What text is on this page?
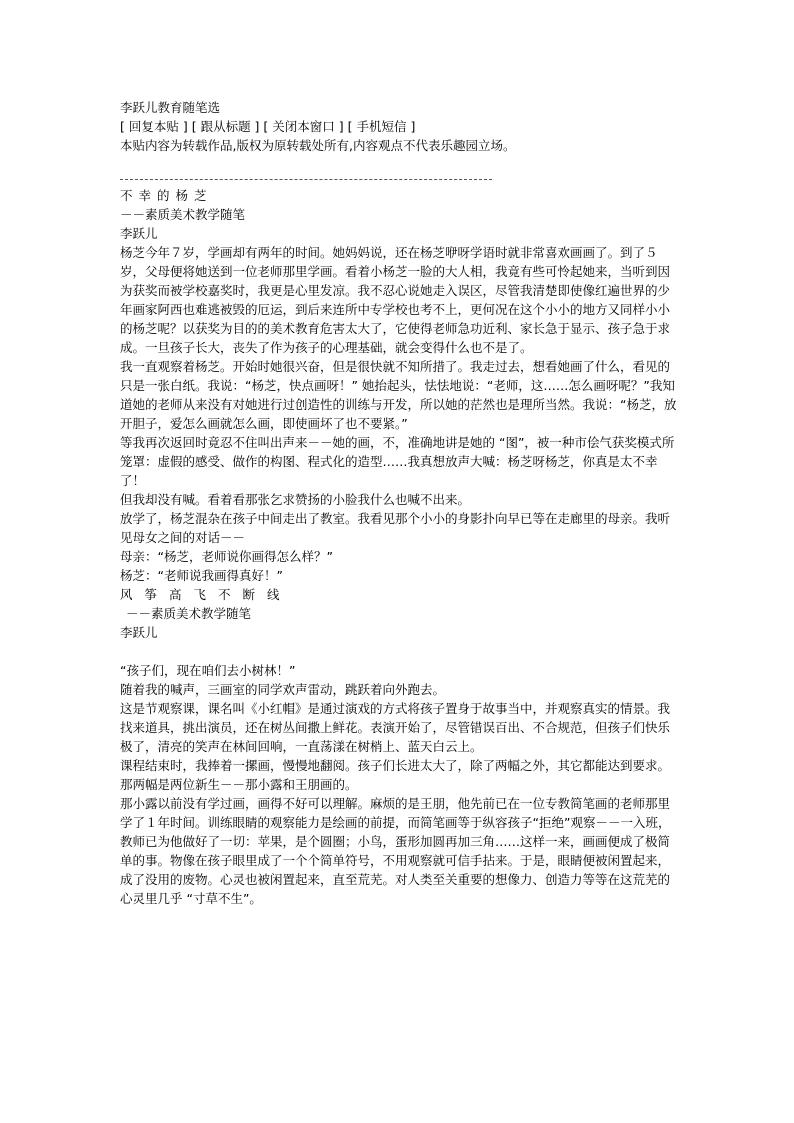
李跃儿教育随笔选

[ 回复本贴 ] [ 跟从标题 ] [ 关闭本窗口 ] [ 手机短信 ]

本贴内容为转载作品,版权为原转载处所有,内容观点不代表乐趣园立场。

不幸的杨芝

－－素质美术教学随笔

李跃儿

杨芝今年７岁，学画却有两年的时间。她妈妈说，还在杨芝咿呀学语时就非常喜欢画画了。到了５岁，父母便将她送到一位老师那里学画。看着小杨芝一脸的大人相，我竟有些可怜起她来，当听到因为获奖而被学校嘉奖时，我更是心里发凉。我不忍心说她走入误区，尽管我清楚即使像红遍世界的少年画家阿西也难逃被毁的厄运，到后来连所中专学校也考不上，更何况在这个小小的地方又同样小小的杨芝呢？以获奖为目的的美术教育危害太大了，它使得老师急功近利、家长急于显示、孩子急于求成。一旦孩子长大，丧失了作为孩子的心理基础，就会变得什么也不是了。

我一直观察着杨芝。开始时她很兴奋，但是很快就不知所措了。我走过去，想看她画了什么，看见的只是一张白纸。我说：“杨芝，快点画呀！” 她抬起头，怯怯地说：“老师，这……怎么画呀呢？”我知道她的老师从来没有对她进行过创造性的训练与开发，所以她的茫然也是理所当然。我说：“杨芝，放开胆子，爱怎么画就怎么画，即使画坏了也不要紧。”

等我再次返回时竟忍不住叫出声来－－她的画，不，准确地讲是她的 “图”，被一种市侩气获奖模式所笼罩：虚假的感受、做作的构图、程式化的造型……我真想放声大喊：杨芝呀杨芝，你真是太不幸了！

但我却没有喊。看着看那张乞求赞扬的小脸我什么也喊不出来。

放学了，杨芝混杂在孩子中间走出了教室。我看见那个小小的身影扑向早已等在走廊里的母亲。我听见母女之间的对话－－

母亲：“杨芝，老师说你画得怎么样？”

杨芝：“老师说我画得真好！”

风筝高飞不断线

－－素质美术教学随笔

李跃儿

“孩子们，现在咱们去小树林！”

随着我的喊声，三画室的同学欢声雷动，跳跃着向外跑去。

这是节观察课，课名叫《小红帽》是通过演戏的方式将孩子置身于故事当中，并观察真实的情景。我找来道具，挑出演员，还在树丛间撒上鲜花。表演开始了，尽管错误百出、不合规范，但孩子们快乐极了，清亮的笑声在林间回响，一直荡漾在树梢上、蓝天白云上。

课程结束时，我捧着一摞画，慢慢地翻阅。孩子们长进太大了，除了两幅之外，其它都能达到要求。那两幅是两位新生－－那小露和王朋画的。

那小露以前没有学过画，画得不好可以理解。麻烦的是王朋，他先前已在一位专教简笔画的老师那里学了１年时间。训练眼睛的观察能力是绘画的前提，而简笔画等于纵容孩子“拒绝”观察－－一入班，教师已为他做好了一切：苹果，是个圆圈；小鸟，蛋形加圆再加三角……这样一来，画画便成了极简单的事。物像在孩子眼里成了一个个简单符号，不用观察就可信手拈来。于是，眼睛便被闲置起来，成了没用的废物。心灵也被闲置起来，直至荒芜。对人类至关重要的想像力、创造力等等在这荒芜的心灵里几乎 “寸草不生”。
